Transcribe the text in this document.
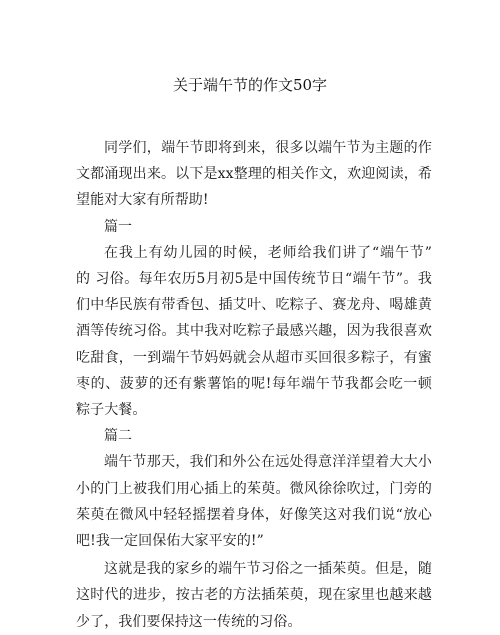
关于端午节的作文50字

同学们，端午节即将到来，很多以端午节为主题的作文都涌现出来。以下是xx整理的相关作文，欢迎阅读，希望能对大家有所帮助!

篇一

在我上有幼儿园的时候，老师给我们讲了“端午节” 的 习俗。每年农历5月初5是中国传统节日“端午节”。我们中华民族有带香包、插艾叶、吃粽子、赛龙舟、喝雄黄酒等传统习俗。其中我对吃粽子最感兴趣，因为我很喜欢吃甜食，一到端午节妈妈就会从超市买回很多粽子，有蜜枣的、菠萝的还有紫薯馅的呢!每年端午节我都会吃一顿粽子大餐。

篇二

端午节那天，我们和外公在远处得意洋洋望着大大小小的门上被我们用心插上的茱萸。微风徐徐吹过，门旁的茱萸在微风中轻轻摇摆着身体，好像笑这对我们说“放心吧!我一定回保佑大家平安的!”

这就是我的家乡的端午节习俗之一插茱萸。但是，随这时代的进步，按古老的方法插茱萸，现在家里也越来越少了，我们要保持这一传统的习俗。
